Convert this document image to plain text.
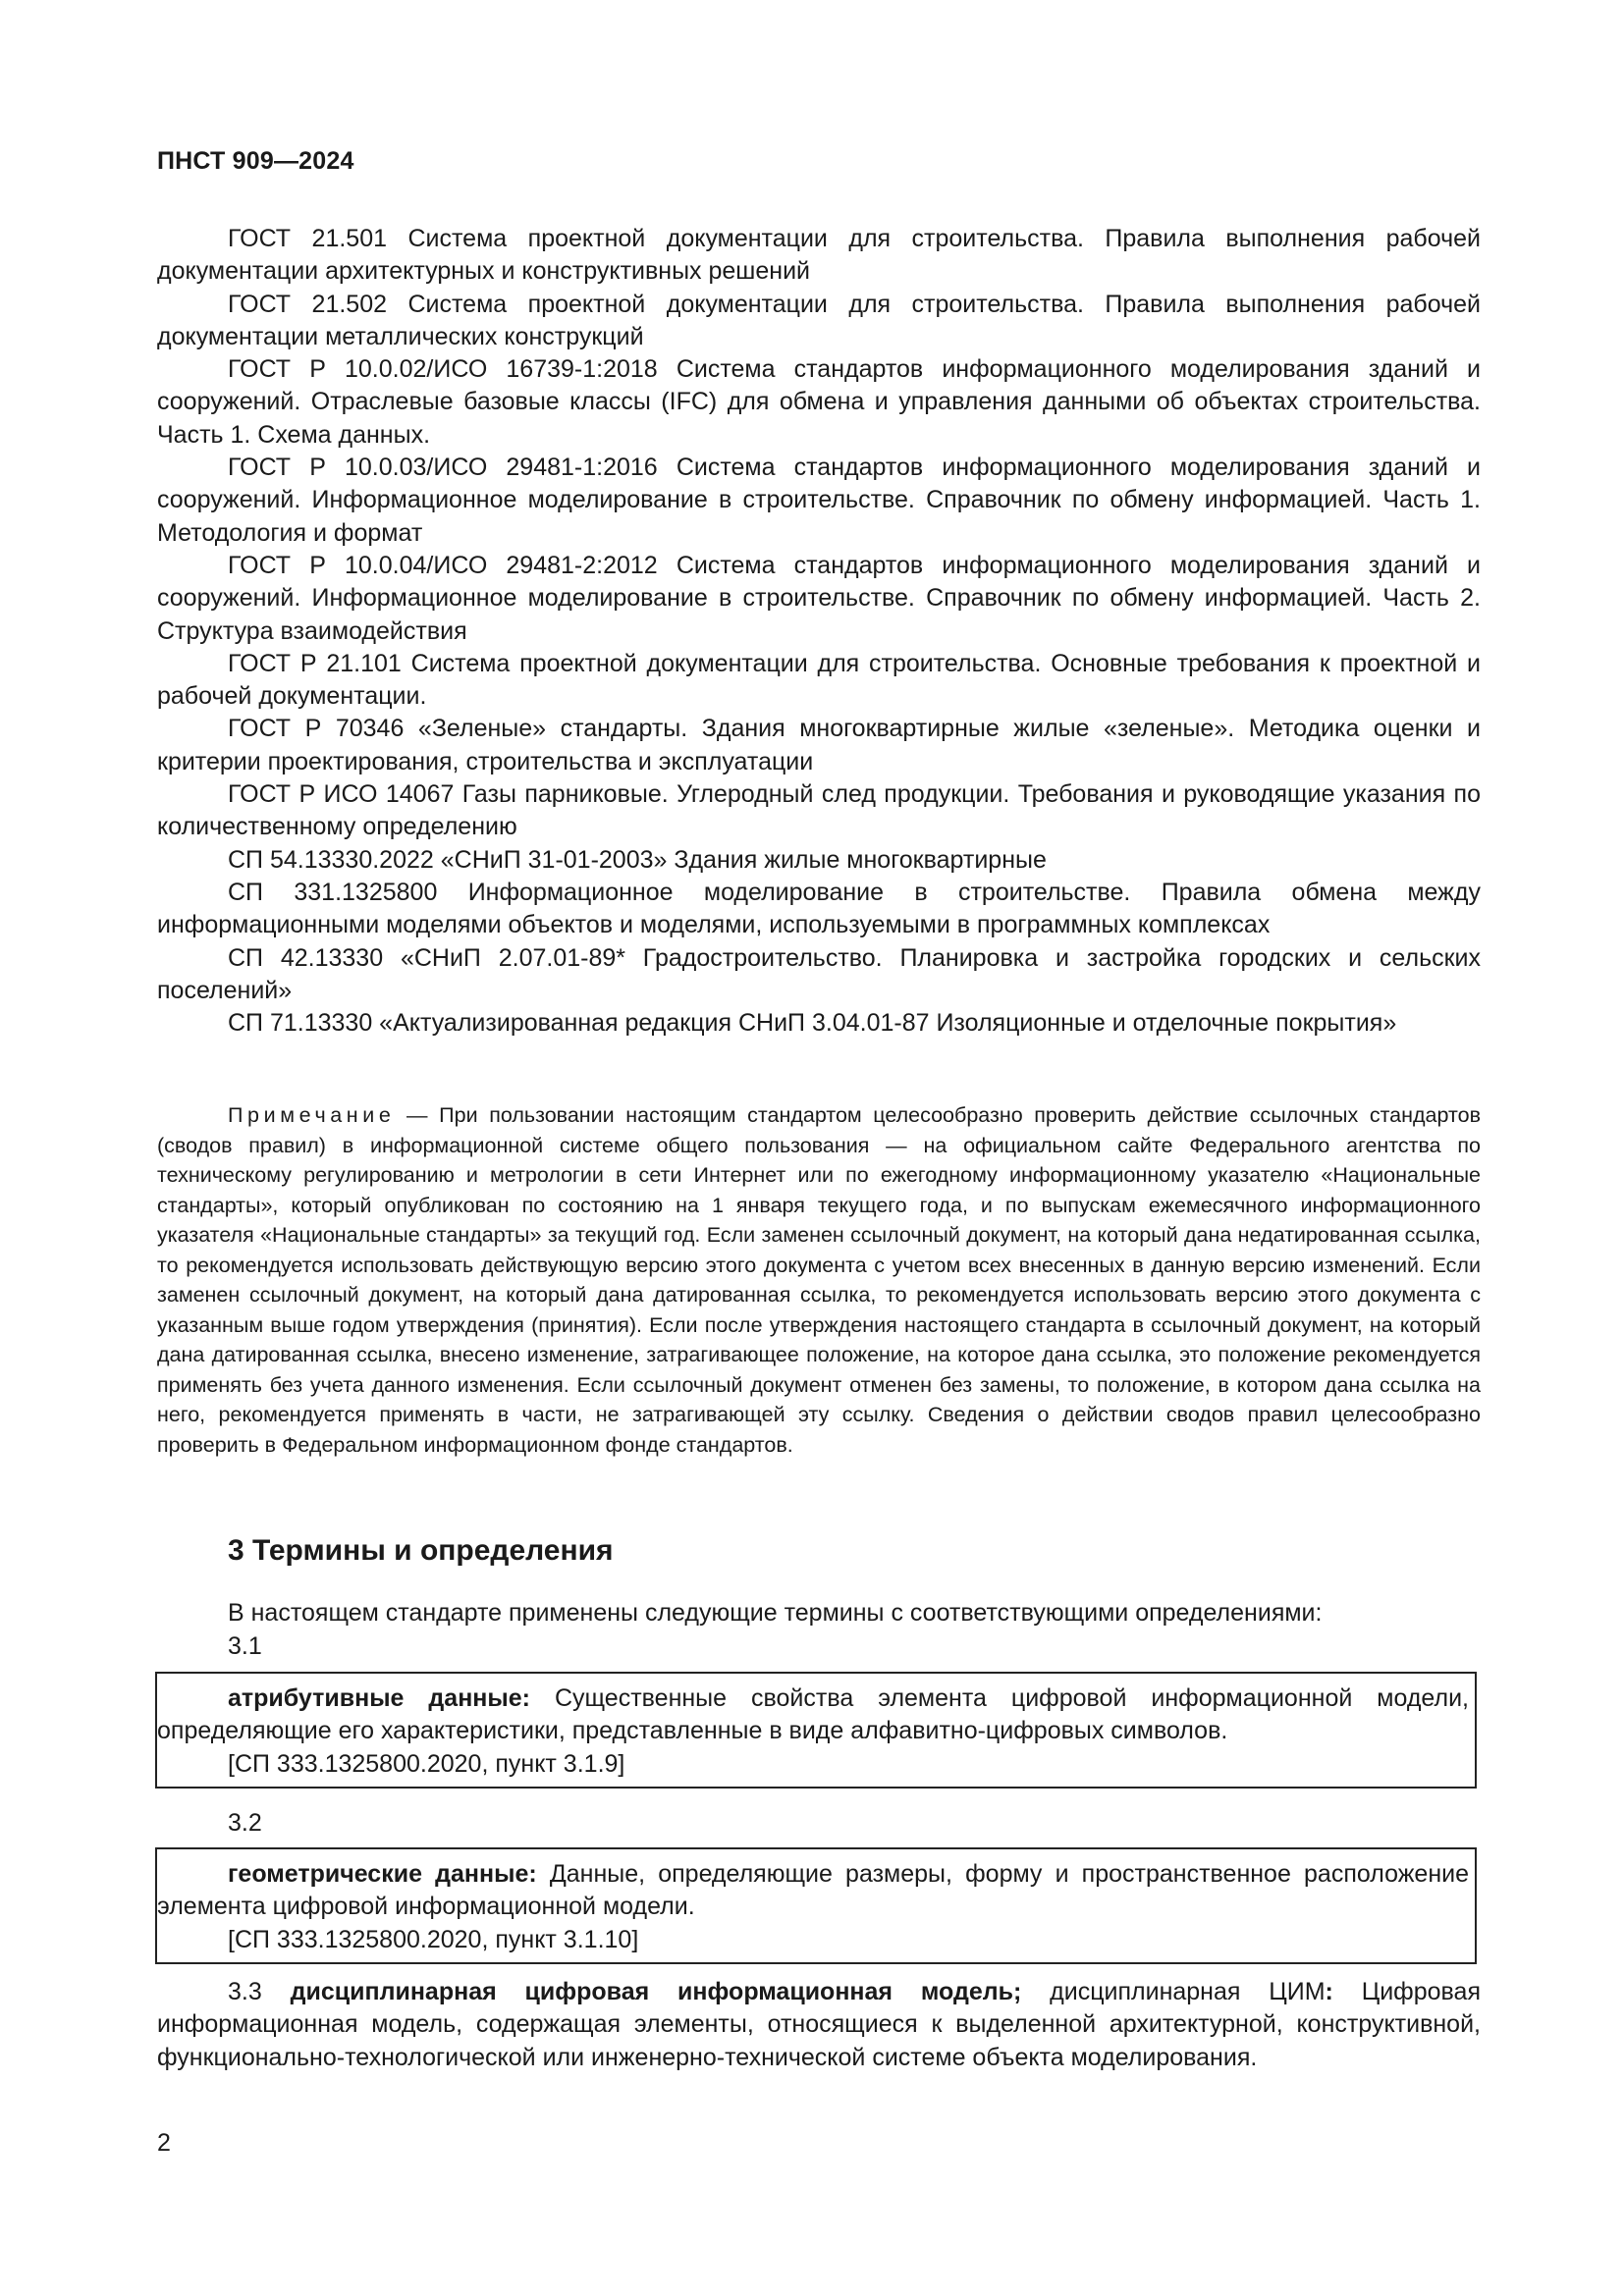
ПНСТ 909—2024

ГОСТ 21.501 Система проектной документации для строительства. Правила выполнения рабочей документации архитектурных и конструктивных решений

ГОСТ 21.502 Система проектной документации для строительства. Правила выполнения рабочей документации металлических конструкций

ГОСТ Р 10.0.02/ИСО 16739-1:2018 Система стандартов информационного моделирования зданий и сооружений. Отраслевые базовые классы (IFC) для обмена и управления данными об объектах строительства. Часть 1. Схема данных.

ГОСТ Р 10.0.03/ИСО 29481-1:2016 Система стандартов информационного моделирования зданий и сооружений. Информационное моделирование в строительстве. Справочник по обмену информацией. Часть 1. Методология и формат

ГОСТ Р 10.0.04/ИСО 29481-2:2012 Система стандартов информационного моделирования зданий и сооружений. Информационное моделирование в строительстве. Справочник по обмену информацией. Часть 2. Структура взаимодействия

ГОСТ Р 21.101 Система проектной документации для строительства. Основные требования к проектной и рабочей документации.

ГОСТ Р 70346 «Зеленые» стандарты. Здания многоквартирные жилые «зеленые». Методика оценки и критерии проектирования, строительства и эксплуатации

ГОСТ Р ИСО 14067 Газы парниковые. Углеродный след продукции. Требования и руководящие указания по количественному определению

СП 54.13330.2022 «СНиП 31-01-2003» Здания жилые многоквартирные

СП 331.1325800 Информационное моделирование в строительстве. Правила обмена между информационными моделями объектов и моделями, используемыми в программных комплексах

СП 42.13330 «СНиП 2.07.01-89* Градостроительство. Планировка и застройка городских и сельских поселений»

СП 71.13330 «Актуализированная редакция СНиП 3.04.01-87 Изоляционные и отделочные покрытия»

Примечание — При пользовании настоящим стандартом целесообразно проверить действие ссылочных стандартов (сводов правил) в информационной системе общего пользования — на официальном сайте Федерального агентства по техническому регулированию и метрологии в сети Интернет или по ежегодному информационному указателю «Национальные стандарты», который опубликован по состоянию на 1 января текущего года, и по выпускам ежемесячного информационного указателя «Национальные стандарты» за текущий год. Если заменен ссылочный документ, на который дана недатированная ссылка, то рекомендуется использовать действующую версию этого документа с учетом всех внесенных в данную версию изменений. Если заменен ссылочный документ, на который дана датированная ссылка, то рекомендуется использовать версию этого документа с указанным выше годом утверждения (принятия). Если после утверждения настоящего стандарта в ссылочный документ, на который дана датированная ссылка, внесено изменение, затрагивающее положение, на которое дана ссылка, это положение рекомендуется применять без учета данного изменения. Если ссылочный документ отменен без замены, то положение, в котором дана ссылка на него, рекомендуется применять в части, не затрагивающей эту ссылку. Сведения о действии сводов правил целесообразно проверить в Федеральном информационном фонде стандартов.

3 Термины и определения

В настоящем стандарте применены следующие термины с соответствующими определениями:

3.1

атрибутивные данные: Существенные свойства элемента цифровой информационной модели, определяющие его характеристики, представленные в виде алфавитно-цифровых символов.

[СП 333.1325800.2020, пункт 3.1.9]

3.2

геометрические данные: Данные, определяющие размеры, форму и пространственное расположение элемента цифровой информационной модели.

[СП 333.1325800.2020, пункт 3.1.10]

3.3 дисциплинарная цифровая информационная модель; дисциплинарная ЦИМ: Цифровая информационная модель, содержащая элементы, относящиеся к выделенной архитектурной, конструктивной, функционально-технологической или инженерно-технической системе объекта моделирования.

2
